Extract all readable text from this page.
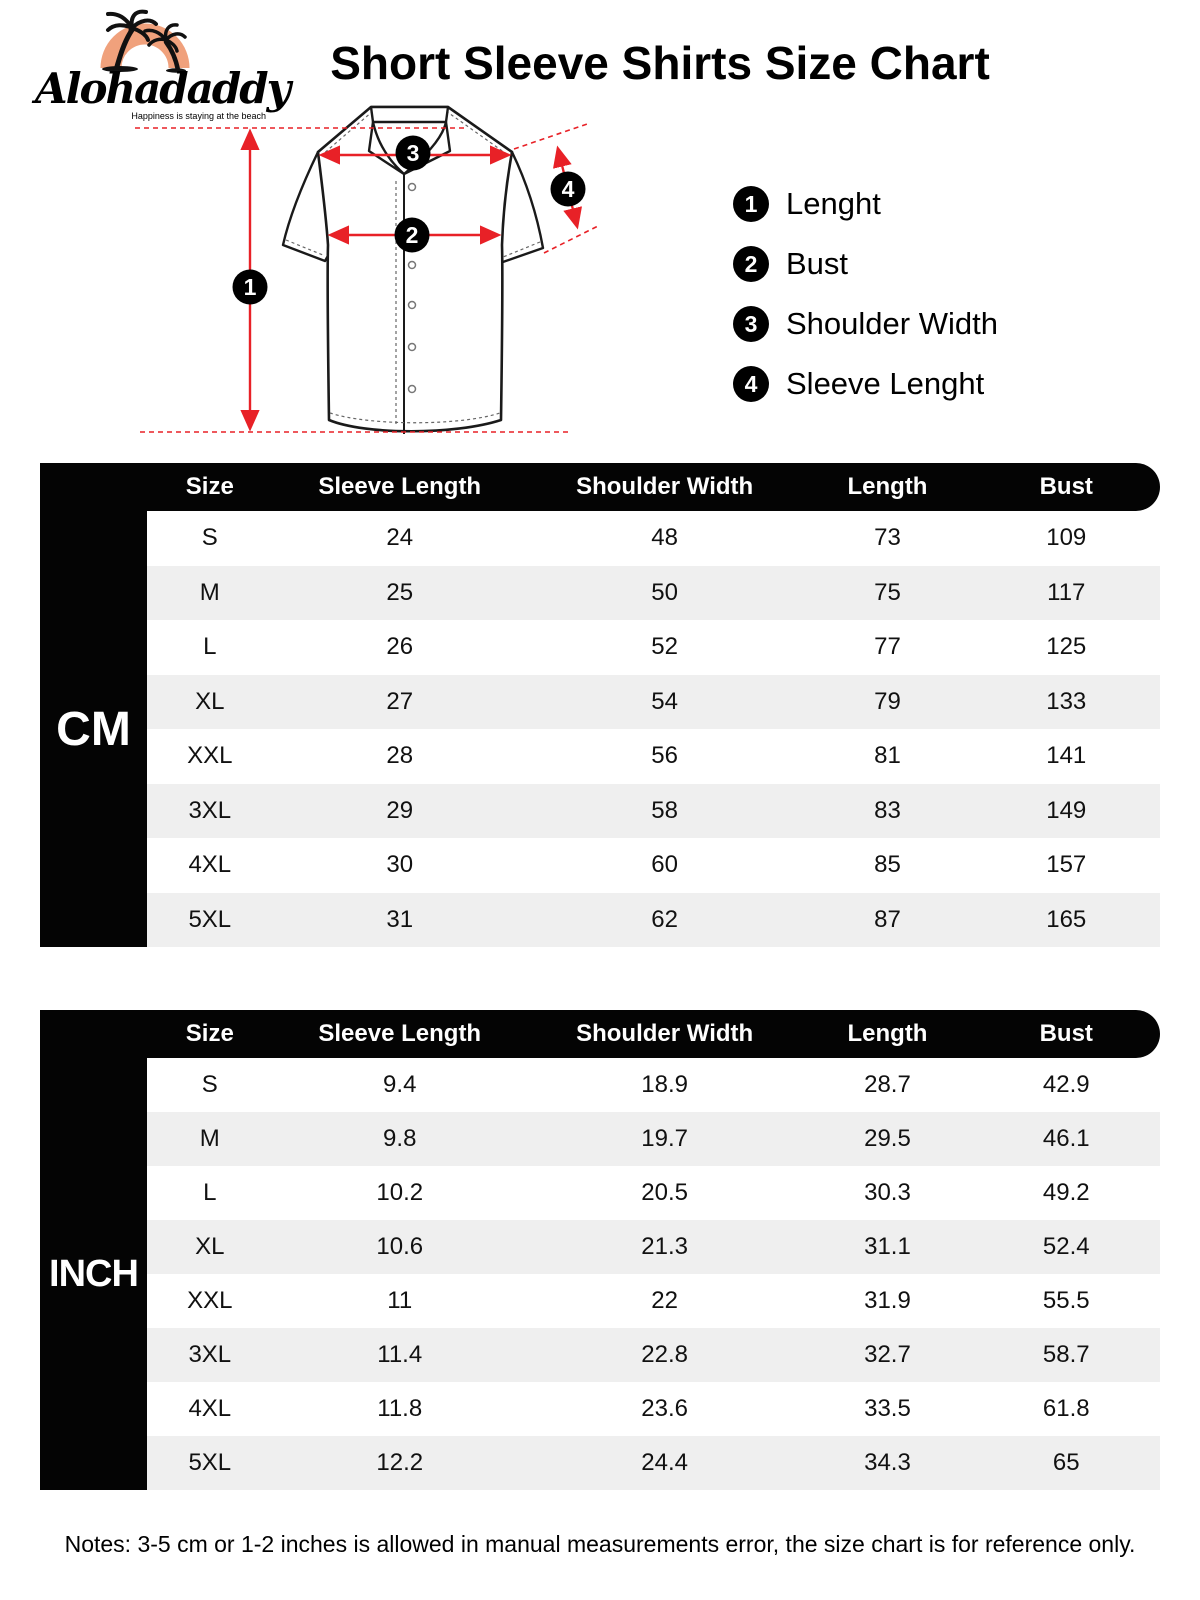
Alohadaddy
Happiness is staying at the beach
Short Sleeve Shirts Size Chart
1
2
3
4
1 Lenght
2 Bust
3 Shoulder Width
4 Sleeve Lenght
Size	Sleeve Length	Shoulder Width	Length	Bust
CM
S	24	48	73	109
M	25	50	75	117
L	26	52	77	125
XL	27	54	79	133
XXL	28	56	81	141
3XL	29	58	83	149
4XL	30	60	85	157
5XL	31	62	87	165
Size	Sleeve Length	Shoulder Width	Length	Bust
INCH
S	9.4	18.9	28.7	42.9
M	9.8	19.7	29.5	46.1
L	10.2	20.5	30.3	49.2
XL	10.6	21.3	31.1	52.4
XXL	11	22	31.9	55.5
3XL	11.4	22.8	32.7	58.7
4XL	11.8	23.6	33.5	61.8
5XL	12.2	24.4	34.3	65
Notes: 3-5 cm or 1-2 inches is allowed in manual measurements error, the size chart is for reference only.
